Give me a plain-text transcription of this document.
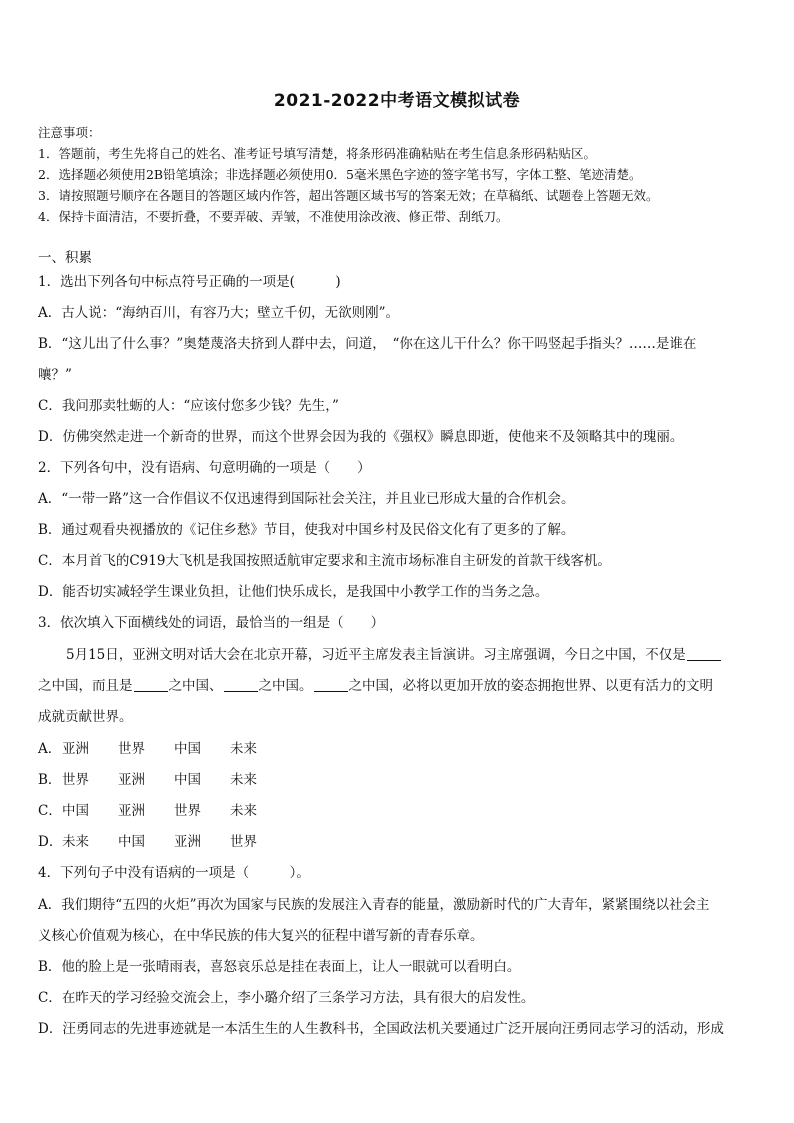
2021-2022中考语文模拟试卷
注意事项：
1．答题前，考生先将自己的姓名、准考证号填写清楚，将条形码准确粘贴在考生信息条形码粘贴区。
2．选择题必须使用2B铅笔填涂；非选择题必须使用0．5毫米黑色字迹的签字笔书写，字体工整、笔迹清楚。
3．请按照题号顺序在各题目的答题区域内作答，超出答题区域书写的答案无效；在草稿纸、试题卷上答题无效。
4．保持卡面清洁，不要折叠，不要弄破、弄皱，不准使用涂改液、修正带、刮纸刀。
一、积累
1．选出下列各句中标点符号正确的一项是(　　　)
A．古人说：“海纳百川，有容乃大；壁立千仞，无欲则刚”。
B．“这儿出了什么事？”奥楚蔑洛夫挤到人群中去，问道，　“你在这儿干什么？你干吗竖起手指头？……是谁在
嚷？”
C．我问那卖牡蛎的人：“应该付您多少钱？先生，”
D．仿佛突然走进一个新奇的世界，而这个世界会因为我的《强权》瞬息即逝，使他来不及领略其中的瑰丽。
2．下列各句中，没有语病、句意明确的一项是（　　）
A．“一带一路”这一合作倡议不仅迅速得到国际社会关注，并且业已形成大量的合作机会。
B．通过观看央视播放的《记住乡愁》节目，使我对中国乡村及民俗文化有了更多的了解。
C．本月首飞的C919大飞机是我国按照适航审定要求和主流市场标准自主研发的首款干线客机。
D．能否切实减轻学生课业负担，让他们快乐成长，是我国中小教学工作的当务之急。
3．依次填入下面横线处的词语，最恰当的一组是（　　）
5月15日，亚洲文明对话大会在北京开幕，习近平主席发表主旨演讲。习主席强调，今日之中国，不仅是
之中国，而且是	之中国、	之中国。	之中国，必将以更加开放的姿态拥抱世界、以更有活力的文明
成就贡献世界。
A．亚洲 世界 中国 未来
B．世界 亚洲 中国 未来
C．中国 亚洲 世界 未来
D．未来 中国 亚洲 世界
4．下列句子中没有语病的一项是（　　　）。
A．我们期待“五四的火炬”再次为国家与民族的发展注入青春的能量，激励新时代的广大青年，紧紧围绕以社会主
义核心价值观为核心，在中华民族的伟大复兴的征程中谱写新的青春乐章。
B．他的脸上是一张晴雨表，喜怒哀乐总是挂在表面上，让人一眼就可以看明白。
C．在昨天的学习经验交流会上，李小璐介绍了三条学习方法，具有很大的启发性。
D．汪勇同志的先进事迹就是一本活生生的人生教科书，全国政法机关要通过广泛开展向汪勇同志学习的活动，形成
